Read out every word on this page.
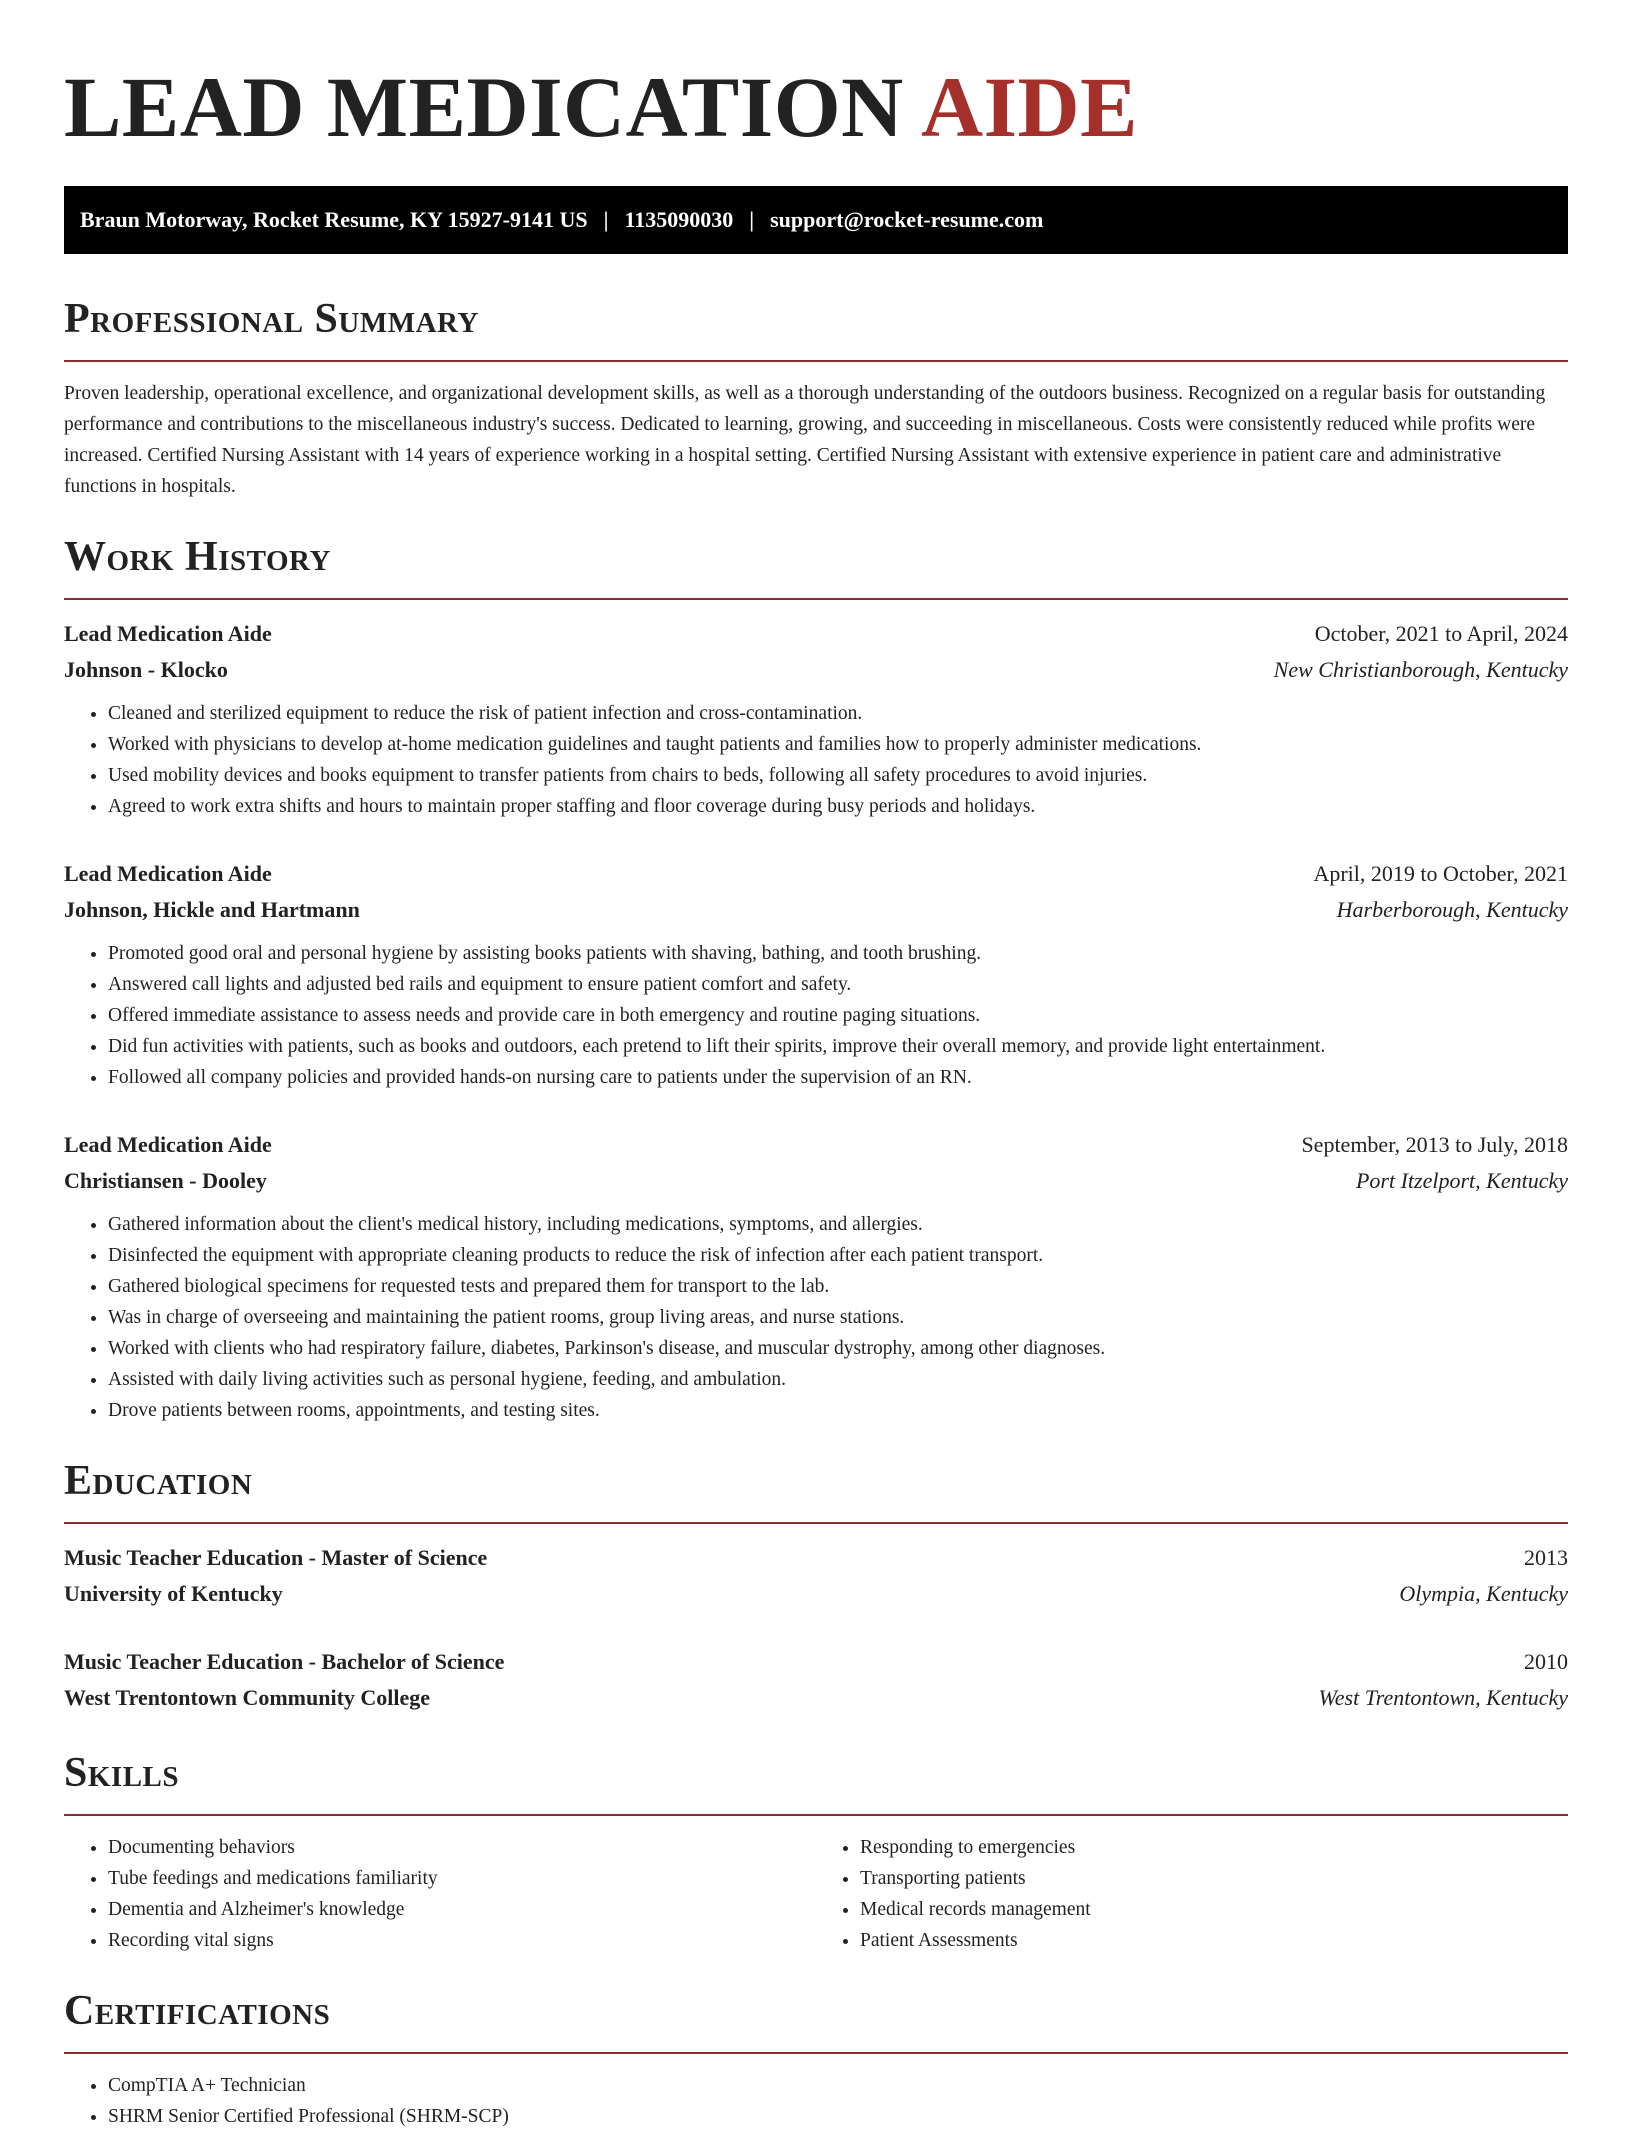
LEAD MEDICATION AIDE
Braun Motorway, Rocket Resume, KY 15927-9141 US | 1135090030 | support@rocket-resume.com
Professional Summary

Proven leadership, operational excellence, and organizational development skills, as well as a thorough understanding of the outdoors business. Recognized on a regular basis for outstanding performance and contributions to the miscellaneous industry's success. Dedicated to learning, growing, and succeeding in miscellaneous. Costs were consistently reduced while profits were increased. Certified Nursing Assistant with 14 years of experience working in a hospital setting. Certified Nursing Assistant with extensive experience in patient care and administrative functions in hospitals.

Work History
Lead Medication Aide	October, 2021 to April, 2024
Johnson - Klocko	New Christianborough, Kentucky
• Cleaned and sterilized equipment to reduce the risk of patient infection and cross-contamination.
• Worked with physicians to develop at-home medication guidelines and taught patients and families how to properly administer medications.
• Used mobility devices and books equipment to transfer patients from chairs to beds, following all safety procedures to avoid injuries.
• Agreed to work extra shifts and hours to maintain proper staffing and floor coverage during busy periods and holidays.
Lead Medication Aide	April, 2019 to October, 2021
Johnson, Hickle and Hartmann	Harberborough, Kentucky
• Promoted good oral and personal hygiene by assisting books patients with shaving, bathing, and tooth brushing.
• Answered call lights and adjusted bed rails and equipment to ensure patient comfort and safety.
• Offered immediate assistance to assess needs and provide care in both emergency and routine paging situations.
• Did fun activities with patients, such as books and outdoors, each pretend to lift their spirits, improve their overall memory, and provide light entertainment.
• Followed all company policies and provided hands-on nursing care to patients under the supervision of an RN.
Lead Medication Aide	September, 2013 to July, 2018
Christiansen - Dooley	Port Itzelport, Kentucky
• Gathered information about the client's medical history, including medications, symptoms, and allergies.
• Disinfected the equipment with appropriate cleaning products to reduce the risk of infection after each patient transport.
• Gathered biological specimens for requested tests and prepared them for transport to the lab.
• Was in charge of overseeing and maintaining the patient rooms, group living areas, and nurse stations.
• Worked with clients who had respiratory failure, diabetes, Parkinson's disease, and muscular dystrophy, among other diagnoses.
• Assisted with daily living activities such as personal hygiene, feeding, and ambulation.
• Drove patients between rooms, appointments, and testing sites.
Education
Music Teacher Education - Master of Science	2013
University of Kentucky	Olympia, Kentucky
Music Teacher Education - Bachelor of Science	2010
West Trentontown Community College	West Trentontown, Kentucky
Skills
• Documenting behaviors
• Tube feedings and medications familiarity
• Dementia and Alzheimer's knowledge
• Recording vital signs
• Responding to emergencies
• Transporting patients
• Medical records management
• Patient Assessments
Certifications
• CompTIA A+ Technician
• SHRM Senior Certified Professional (SHRM-SCP)
